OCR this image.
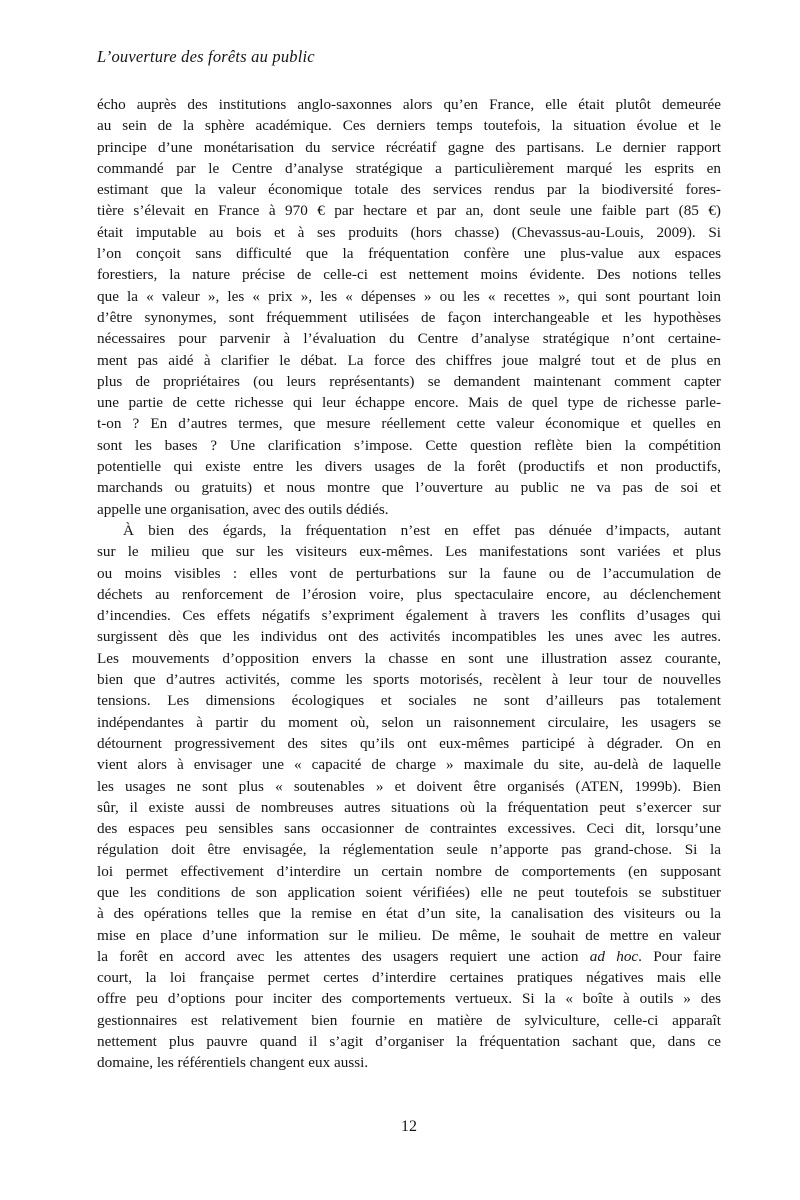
L’ouverture des forêts au public
écho auprès des institutions anglo-saxonnes alors qu’en France, elle était plutôt demeurée
au sein de la sphère académique. Ces derniers temps toutefois, la situation évolue et le
principe d’une monétarisation du service récréatif gagne des partisans. Le dernier rapport
commandé par le Centre d’analyse stratégique a particulièrement marqué les esprits en
estimant que la valeur économique totale des services rendus par la biodiversité fores-
tière s’élevait en France à 970 € par hectare et par an, dont seule une faible part (85 €)
était imputable au bois et à ses produits (hors chasse) (Chevassus-au-Louis, 2009). Si
l’on conçoit sans difficulté que la fréquentation confère une plus-value aux espaces
forestiers, la nature précise de celle-ci est nettement moins évidente. Des notions telles
que la « valeur », les « prix », les « dépenses » ou les « recettes », qui sont pourtant loin
d’être synonymes, sont fréquemment utilisées de façon interchangeable et les hypothèses
nécessaires pour parvenir à l’évaluation du Centre d’analyse stratégique n’ont certaine-
ment pas aidé à clarifier le débat. La force des chiffres joue malgré tout et de plus en
plus de propriétaires (ou leurs représentants) se demandent maintenant comment capter
une partie de cette richesse qui leur échappe encore. Mais de quel type de richesse parle-
t-on ? En d’autres termes, que mesure réellement cette valeur économique et quelles en
sont les bases ? Une clarification s’impose. Cette question reflète bien la compétition
potentielle qui existe entre les divers usages de la forêt (productifs et non productifs,
marchands ou gratuits) et nous montre que l’ouverture au public ne va pas de soi et
appelle une organisation, avec des outils dédiés.
À bien des égards, la fréquentation n’est en effet pas dénuée d’impacts, autant
sur le milieu que sur les visiteurs eux-mêmes. Les manifestations sont variées et plus
ou moins visibles : elles vont de perturbations sur la faune ou de l’accumulation de
déchets au renforcement de l’érosion voire, plus spectaculaire encore, au déclenchement
d’incendies. Ces effets négatifs s’expriment également à travers les conflits d’usages qui
surgissent dès que les individus ont des activités incompatibles les unes avec les autres.
Les mouvements d’opposition envers la chasse en sont une illustration assez courante,
bien que d’autres activités, comme les sports motorisés, recèlent à leur tour de nouvelles
tensions. Les dimensions écologiques et sociales ne sont d’ailleurs pas totalement
indépendantes à partir du moment où, selon un raisonnement circulaire, les usagers se
détournent progressivement des sites qu’ils ont eux-mêmes participé à dégrader. On en
vient alors à envisager une « capacité de charge » maximale du site, au-delà de laquelle
les usages ne sont plus « soutenables » et doivent être organisés (ATEN, 1999b). Bien
sûr, il existe aussi de nombreuses autres situations où la fréquentation peut s’exercer sur
des espaces peu sensibles sans occasionner de contraintes excessives. Ceci dit, lorsqu’une
régulation doit être envisagée, la réglementation seule n’apporte pas grand-chose. Si la
loi permet effectivement d’interdire un certain nombre de comportements (en supposant
que les conditions de son application soient vérifiées) elle ne peut toutefois se substituer
à des opérations telles que la remise en état d’un site, la canalisation des visiteurs ou la
mise en place d’une information sur le milieu. De même, le souhait de mettre en valeur
la forêt en accord avec les attentes des usagers requiert une action ad hoc. Pour faire
court, la loi française permet certes d’interdire certaines pratiques négatives mais elle
offre peu d’options pour inciter des comportements vertueux. Si la « boîte à outils » des
gestionnaires est relativement bien fournie en matière de sylviculture, celle-ci apparaît
nettement plus pauvre quand il s’agit d’organiser la fréquentation sachant que, dans ce
domaine, les référentiels changent eux aussi.
12
